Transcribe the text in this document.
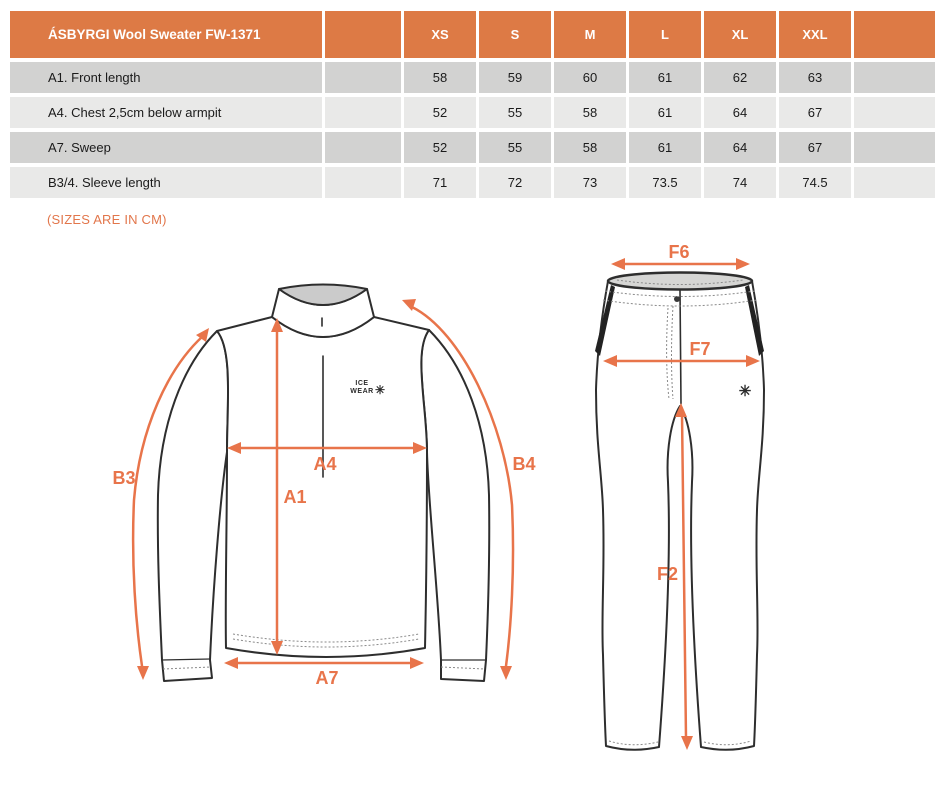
ÁSBYRGI Wool Sweater FW-1371	XS	S	M	L	XL	XXL
A1. Front length	58	59	60	61	62	63
A4. Chest 2,5cm below armpit	52	55	58	61	64	67
A7. Sweep	52	55	58	61	64	67
B3/4. Sleeve length	71	72	73	73.5	74	74.5
(SIZES ARE IN CM)
ICE
WEAR ✳
A1
A4
A7
B3
B4
✳
F6
F7
F2
